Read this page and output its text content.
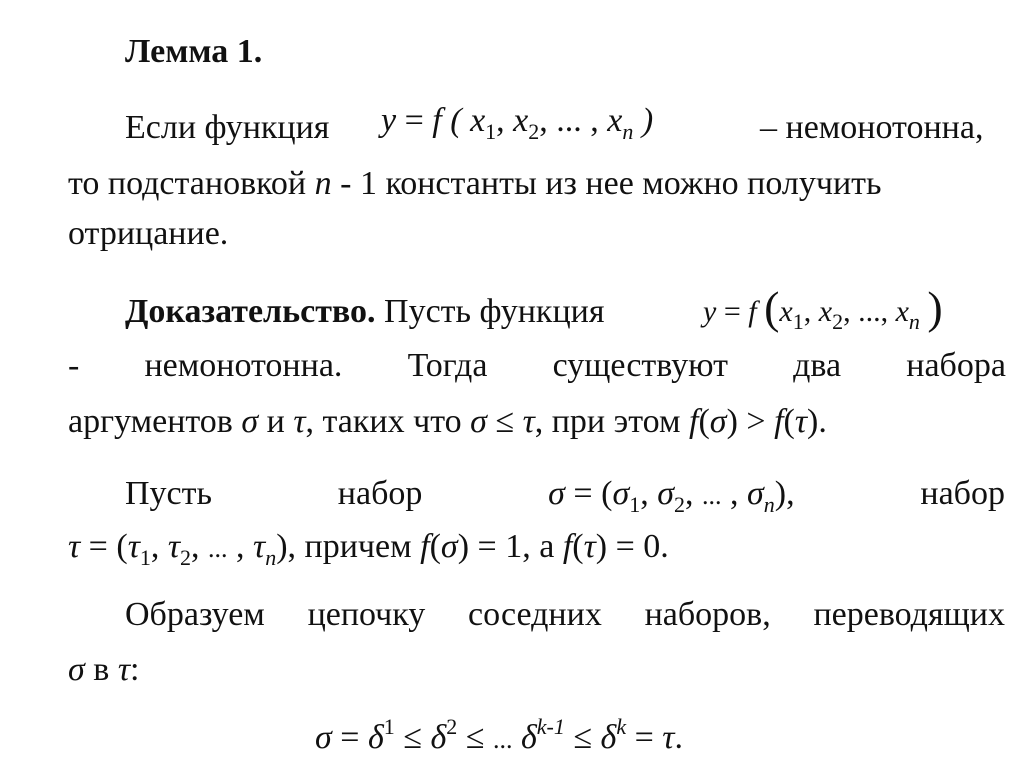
Лемма 1.
Если функция y = f ( $x_1$, $x_2$, ... , $x_n$ )	– немонотонна,
то подстановкой n - 1 константы из нее можно получить
отрицание.
Доказательство. Пусть функция	y = f ($x_1$, $x_2$, ..., $x_n$ )
- немонотонна. Тогда существуют два набора
аргументов σ и τ, таких что σ ≤ τ, при этом f(σ) > f(τ).
Пусть	набор	$\sigma = (\sigma_1$, $\sigma_2$, ... , $\sigma_n$),	набор
$\tau = (\tau_1$, $\tau_2$, ... , $\tau_n$), причем f(σ) = 1, а f(τ) = 0.
Образуем цепочку соседних наборов, переводящих
σ в τ:
$\sigma = \delta^1 \le \delta^2$ ≤ ... $\delta^{k-1} \le \delta^k = \tau$.
